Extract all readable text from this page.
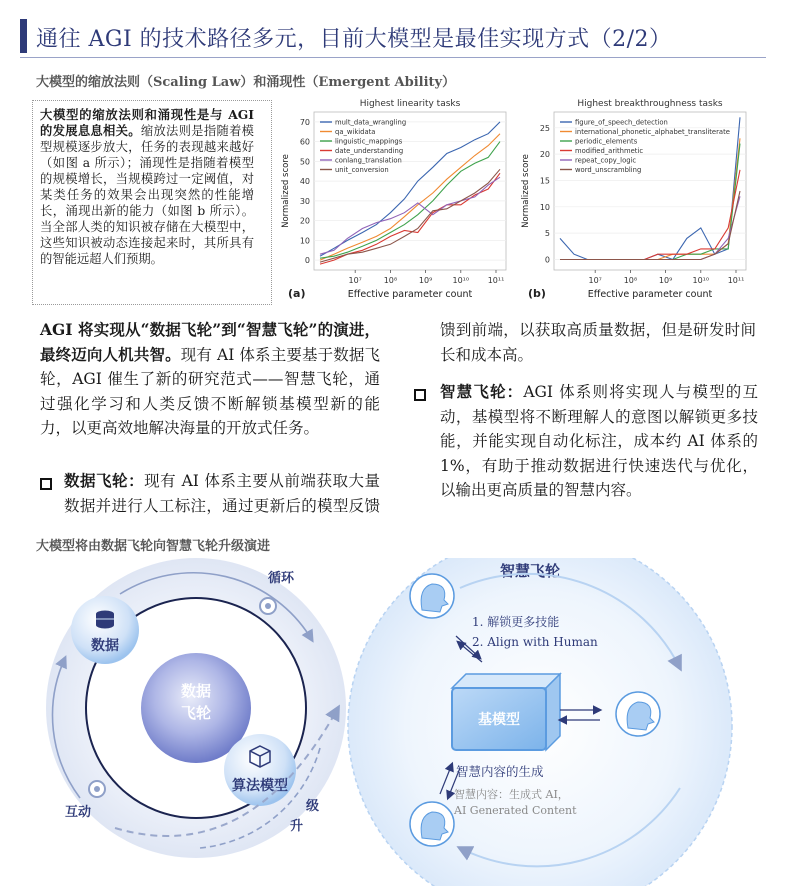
通往 AGI 的技术路径多元，目前大模型是最佳实现方式（2/2）
大模型的缩放法则（Scaling Law）和涌现性（Emergent Ability）
大模型的缩放法则和涌现性是与 AGI 的发展息息相关。缩放法则是指随着模型规模逐步放大，任务的表现越来越好（如图 a 所示）；涌现性是指随着模型的规模增长，当规模跨过一定阈值，对某类任务的效果会出现突然的性能增长，涌现出新的能力（如图 b 所示）。当全部人类的知识被存储在大模型中，这些知识被动态连接起来时，其所具有的智能远超人们预期。	0
10
20
30
40
50
60
70
10⁷	10⁸	10⁹	10¹⁰ 10¹¹
Highest linearity tasks
Effective parameter count
(a)
Normalized score
mult_data_wrangling
qa_wikidata
linguistic_mappings
date_understanding
conlang_translation
unit_conversion
0
5
10
15
20
25
10⁷	10⁸	10⁹	10¹⁰ 10¹¹
Highest breakthroughness tasks
Effective parameter count
(b)
Normalized score
figure_of_speech_detection
international_phonetic_alphabet_transliterate
periodic_elements
modified_arithmetic
repeat_copy_logic
word_unscrambling
AGI 将实现从“数据飞轮”到“智慧飞轮”的演进，最终迈向人机共智。现有 AI 体系主要基于数据飞轮，AGI 催生了新的研究范式——智慧飞轮，通过强化学习和人类反馈不断解锁基模型新的能力，以更高效地解决海量的开放式任务。
数据飞轮：现有 AI 体系主要从前端获取大量数据并进行人工标注，通过更新后的模型反馈
馈到前端，以获取高质量数据，但是研发时间长和成本高。
智慧飞轮：AGI 体系则将实现人与模型的互动，基模型将不断理解人的意图以解锁更多技能，并能实现自动化标注，成本约 AI 体系的 1%，有助于推动数据进行快速迭代与优化，以输出更高质量的智慧内容。
大模型将由数据飞轮向智慧飞轮升级演进
数据
飞轮
数据
算法模型
循环
互动	级
升
智慧飞轮
1. 解锁更多技能
2. Align with Human
基模型
智慧内容的生成
智慧内容：生成式 AI，
AI Generated Content
